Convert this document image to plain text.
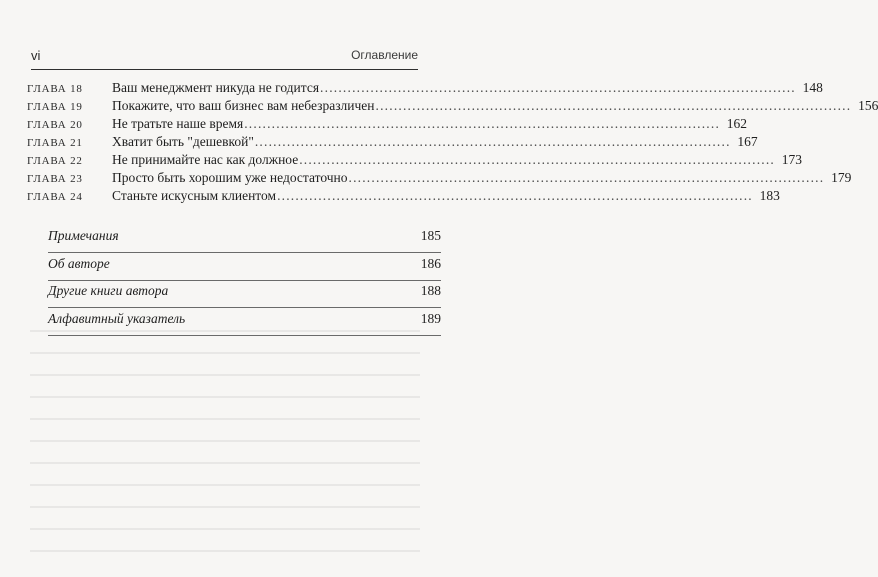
vi	Оглавление
ГЛАВА 18	Ваш менеджмент никуда не годится ........................................................................................................ 148
ГЛАВА 19	Покажите, что ваш бизнес вам небезразличен ........................................................................................................ 156
ГЛАВА 20	Не тратьте наше время ........................................................................................................ 162
ГЛАВА 21	Хватит быть "дешевкой" ........................................................................................................ 167
ГЛАВА 22	Не принимайте нас как должное ........................................................................................................ 173
ГЛАВА 23	Просто быть хорошим уже недостаточно ........................................................................................................ 179
ГЛАВА 24	Станьте искусным клиентом ........................................................................................................ 183
Примечания	185
Об авторе	186
Другие книги автора	188
Алфавитный указатель	189
